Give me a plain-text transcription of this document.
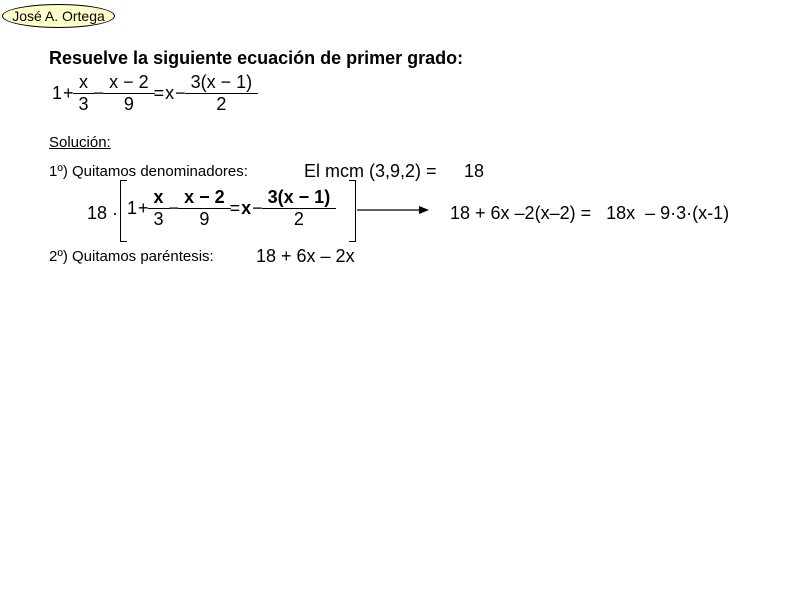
José A. Ortega
Resuelve la siguiente ecuación de primer grado:
$1 + \frac{x}{3} - \frac{x - 2}{9} = x - \frac{3(x - 1)}{2}$
Solución:
1º) Quitamos denominadores:	El mcm (3,9,2) = 18
$18 \cdot 1 + \frac{x}{3} - \frac{x - 2}{9} = x - \frac{3(x - 1)}{2}$	18 + 6x –2(x–2) =   18x  – 9·3·(x-1)
2º) Quitamos paréntesis: 18 + 6x – 2x
